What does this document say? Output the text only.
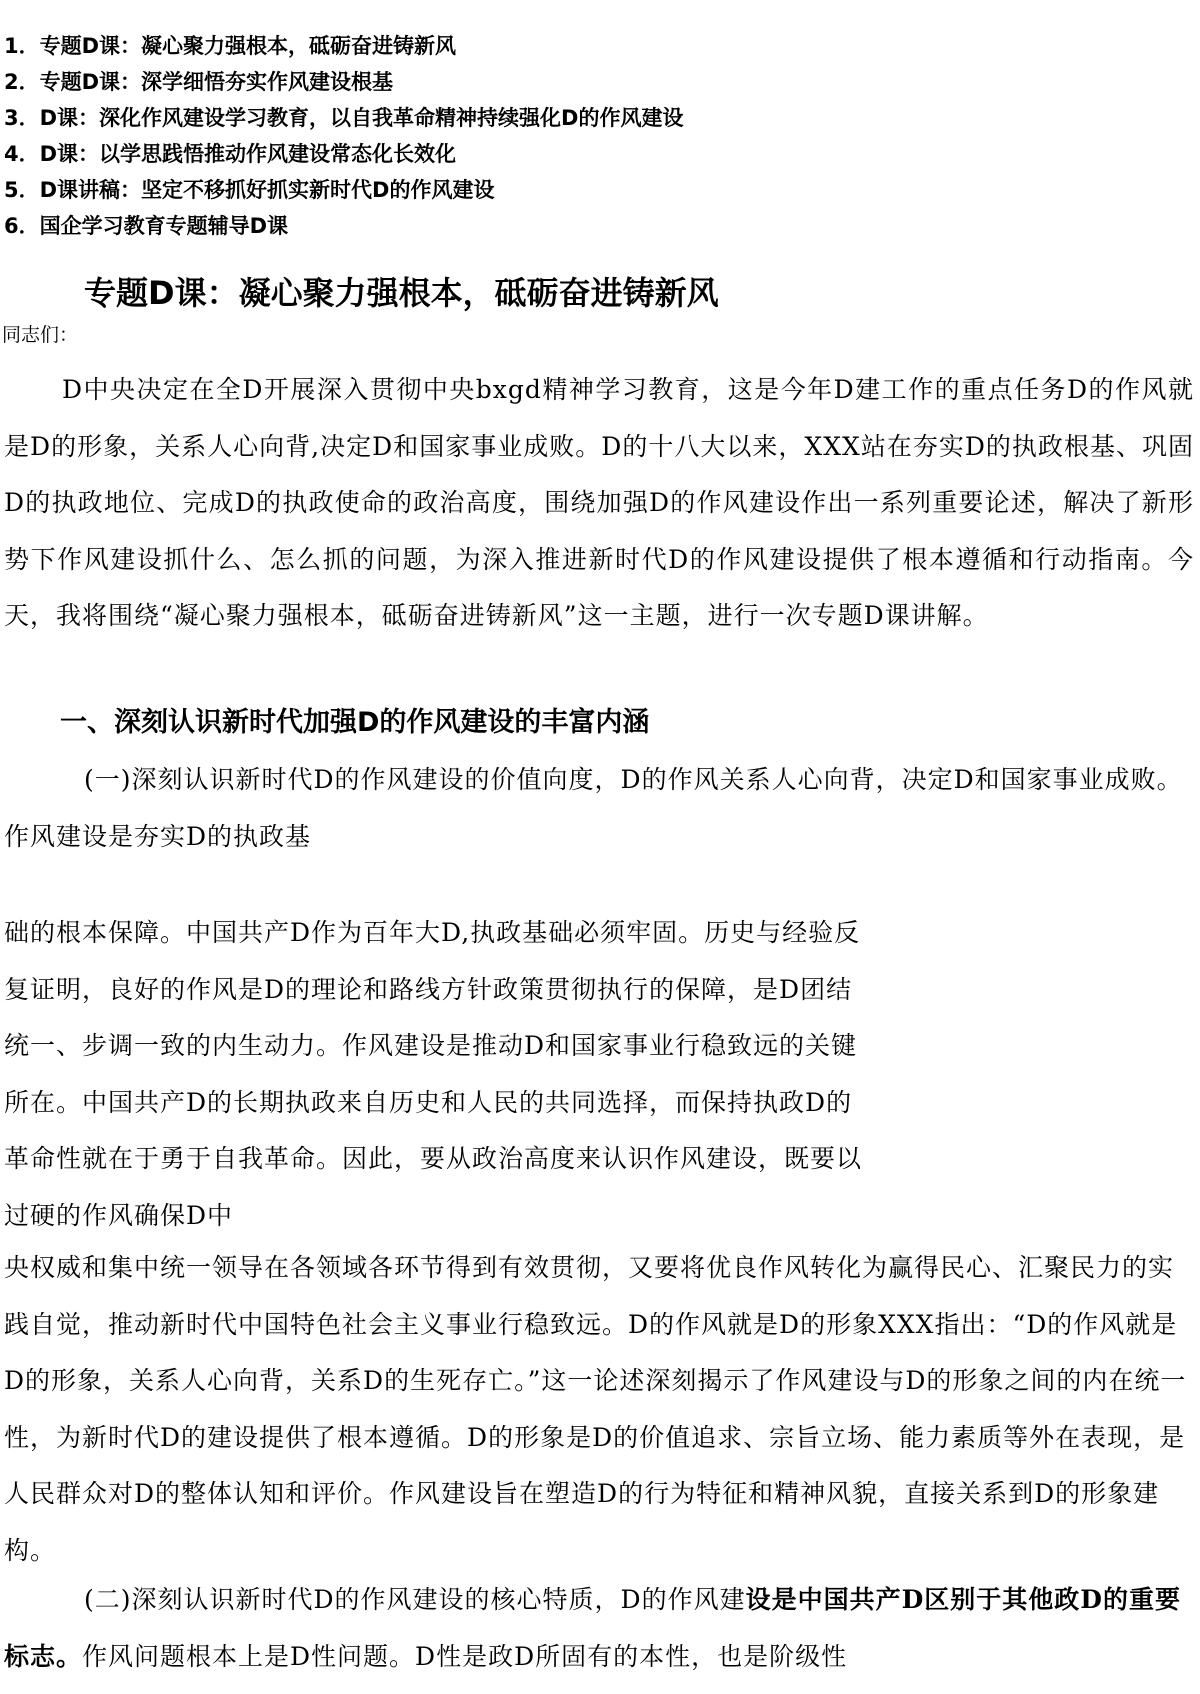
1．专题D课：凝心聚力强根本，砥砺奋进铸新风
2．专题D课：深学细悟夯实作风建设根基
3．D课：深化作风建设学习教育，以自我革命精神持续强化D的作风建设
4．D课：以学思践悟推动作风建设常态化长效化
5．D课讲稿：坚定不移抓好抓实新时代D的作风建设
6．国企学习教育专题辅导D课
专题D课：凝心聚力强根本，砥砺奋进铸新风
同志们：

D中央决定在全D开展深入贯彻中央bxgd精神学习教育，这是今年D建工作的重点任务D的作风就是D的形象，关系人心向背,决定D和国家事业成败。D的十八大以来，XXX站在夯实D的执政根基、巩固D的执政地位、完成D的执政使命的政治高度，围绕加强D的作风建设作出一系列重要论述，解决了新形势下作风建设抓什么、怎么抓的问题，为深入推进新时代D的作风建设提供了根本遵循和行动指南。今天，我将围绕“凝心聚力强根本，砥砺奋进铸新风”这一主题，进行一次专题D课讲解。

一、深刻认识新时代加强D的作风建设的丰富内涵

(一)深刻认识新时代D的作风建设的价值向度，D的作风关系人心向背，决定D和国家事业成败。作风建设是夯实D的执政基

础的根本保障。中国共产D作为百年大D,执政基础必须牢固。历史与经验反复证明，良好的作风是D的理论和路线方针政策贯彻执行的保障，是D团结统一、步调一致的内生动力。作风建设是推动D和国家事业行稳致远的关键所在。中国共产D的长期执政来自历史和人民的共同选择，而保持执政D的革命性就在于勇于自我革命。因此，要从政治高度来认识作风建设，既要以过硬的作风确保D中

央权威和集中统一领导在各领域各环节得到有效贯彻，又要将优良作风转化为赢得民心、汇聚民力的实践自觉，推动新时代中国特色社会主义事业行稳致远。D的作风就是D的形象XXX指出：“D的作风就是D的形象，关系人心向背，关系D的生死存亡。”这一论述深刻揭示了作风建设与D的形象之间的内在统一性，为新时代D的建设提供了根本遵循。D的形象是D的价值追求、宗旨立场、能力素质等外在表现，是人民群众对D的整体认知和评价。作风建设旨在塑造D的行为特征和精神风貌，直接关系到D的形象建构。

(二)深刻认识新时代D的作风建设的核心特质，D的作风建设是中国共产D区别于其他政D的重要标志。作风问题根本上是D性问题。D性是政D所固有的本性，也是阶级性
